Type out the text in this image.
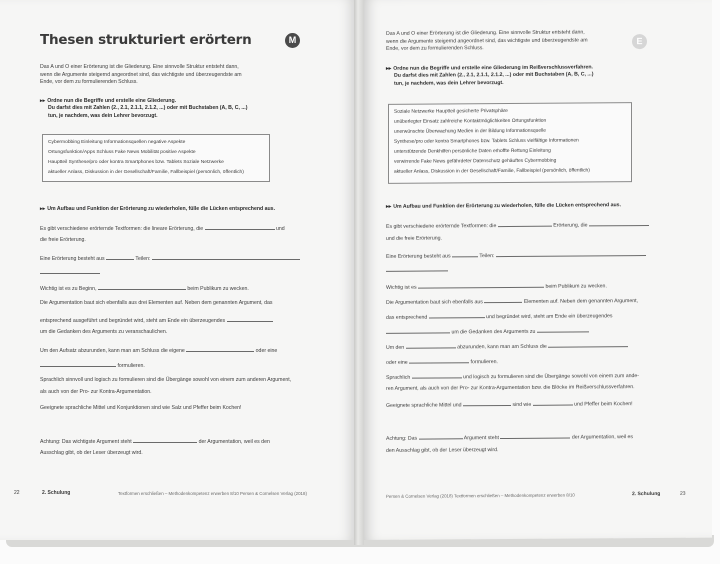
Thesen strukturiert erörtern	M
Das A und O einer Erörterung ist die Gliederung. Eine sinnvolle Struktur entsteht dann,
wenn die Argumente steigernd angeordnet sind, das wichtigste und überzeugendste am
Ende, vor dem zu formulierenden Schluss.
▸▸ Ordne nun die Begriffe und erstelle eine Gliederung.
Du darfst dies mit Zahlen (2., 2.1, 2.1.1, 2.1.2, ...) oder mit Buchstaben (A, B, C, ...)
tun, je nachdem, was dein Lehrer bevorzugt.
Cybermobbing Einleitung Informationsquellen negative Aspekte
Ortungsfunktion/Apps Schluss Fake News Mobilität positive Aspekte
Hauptteil Synthese/pro oder kontra Smartphones bzw. Tablets Soziale Netzwerke
aktueller Anlass, Diskussion in der Gesellschaft/Familie, Fallbeispiel (persönlich, öffentlich)
▸▸ Um Aufbau und Funktion der Erörterung zu wiederholen, fülle die Lücken entsprechend aus.
Es gibt verschiedene erörternde Textformen: die lineare Erörterung, die	und
die freie Erörterung.
Eine Erörterung besteht aus	Teilen:
Wichtig ist es zu Beginn,	beim Publikum zu wecken.
Die Argumentation baut sich ebenfalls aus drei Elementen auf. Neben dem genannten Argument, das
entsprechend ausgeführt und begründet wird, steht am Ende ein überzeugendes
um die Gedanken des Arguments zu veranschaulichen.
Um den Aufsatz abzurunden, kann man am Schluss die eigene	oder eine
formulieren.
Sprachlich sinnvoll und logisch zu formulieren sind die Übergänge sowohl von einem zum anderen Argument,
als auch von der Pro- zur Kontra-Argumentation.
Geeignete sprachliche Mittel und Konjunktionen sind wie Salz und Pfeffer beim Kochen!
Achtung: Das wichtigste Argument steht	der Argumentation, weil es den
Ausschlag gibt, ob der Leser überzeugt wird.
22	2. Schulung	Textformen erschließen – Methodenkompetenz erwerben 8/10 Persen & Cornelsen Verlag (2018)
E
Das A und O einer Erörterung ist die Gliederung. Eine sinnvolle Struktur entsteht dann,
wenn die Argumente steigernd angeordnet sind, das wichtigste und überzeugendste am
Ende, vor dem zu formulierenden Schluss.
▸▸ Ordne nun die Begriffe und erstelle eine Gliederung im Reißverschlussverfahren.
Du darfst dies mit Zahlen (2., 2.1, 2.1.1, 2.1.2, ...) oder mit Buchstaben (A, B, C, ...)
tun, je nachdem, was dein Lehrer bevorzugt.
Soziale Netzwerke Hauptteil gesicherte Privatsphäre
unüberlegter Einsatz zahlreiche Kontaktmöglichkeiten Ortungsfunktion
unerwünschte Überwachung Medien in der Bildung Informationsquelle
Synthese/pro oder kontra Smartphones bzw. Tablets Schluss vielfältige Informationen
unterstützende Denkhilfen persönliche Daten erhoffte Rettung Einleitung
verwirrende Fake News gefährdeter Datenschutz gehäuftes Cybermobbing
aktueller Anlass, Diskussion in der Gesellschaft/Familie, Fallbeispiel (persönlich, öffentlich)
▸▸ Um Aufbau und Funktion der Erörterung zu wiederholen, fülle die Lücken entsprechend aus.
Es gibt verschiedene erörternde Textformen: die	Erörterung, die
und die freie Erörterung.
Eine Erörterung besteht aus	Teilen:
Wichtig ist es	beim Publikum zu wecken.
Die Argumentation baut sich ebenfalls aus	Elementen auf. Neben dem genannten Argument,
das entsprechend	und begründet wird, steht am Ende ein überzeugendes
um die Gedanken des Arguments zu
Um den	abzurunden, kann man am Schluss die
oder eine	formulieren.
Sprachlich	und logisch zu formulieren sind die Übergänge sowohl von einem zum ande-
ren Argument, als auch von der Pro- zur Kontra-Argumentation bzw. die Blöcke im Reißverschlussverfahren.
Geeignete sprachliche Mittel und	sind wie	und Pfeffer beim Kochen!
Achtung: Das	Argument steht	der Argumentation, weil es
den Ausschlag gibt, ob der Leser überzeugt wird.
Persen & Cornelsen Verlag (2018) Textformen erschließen – Methodenkompetenz erwerben 8/10	2. Schulung	23
